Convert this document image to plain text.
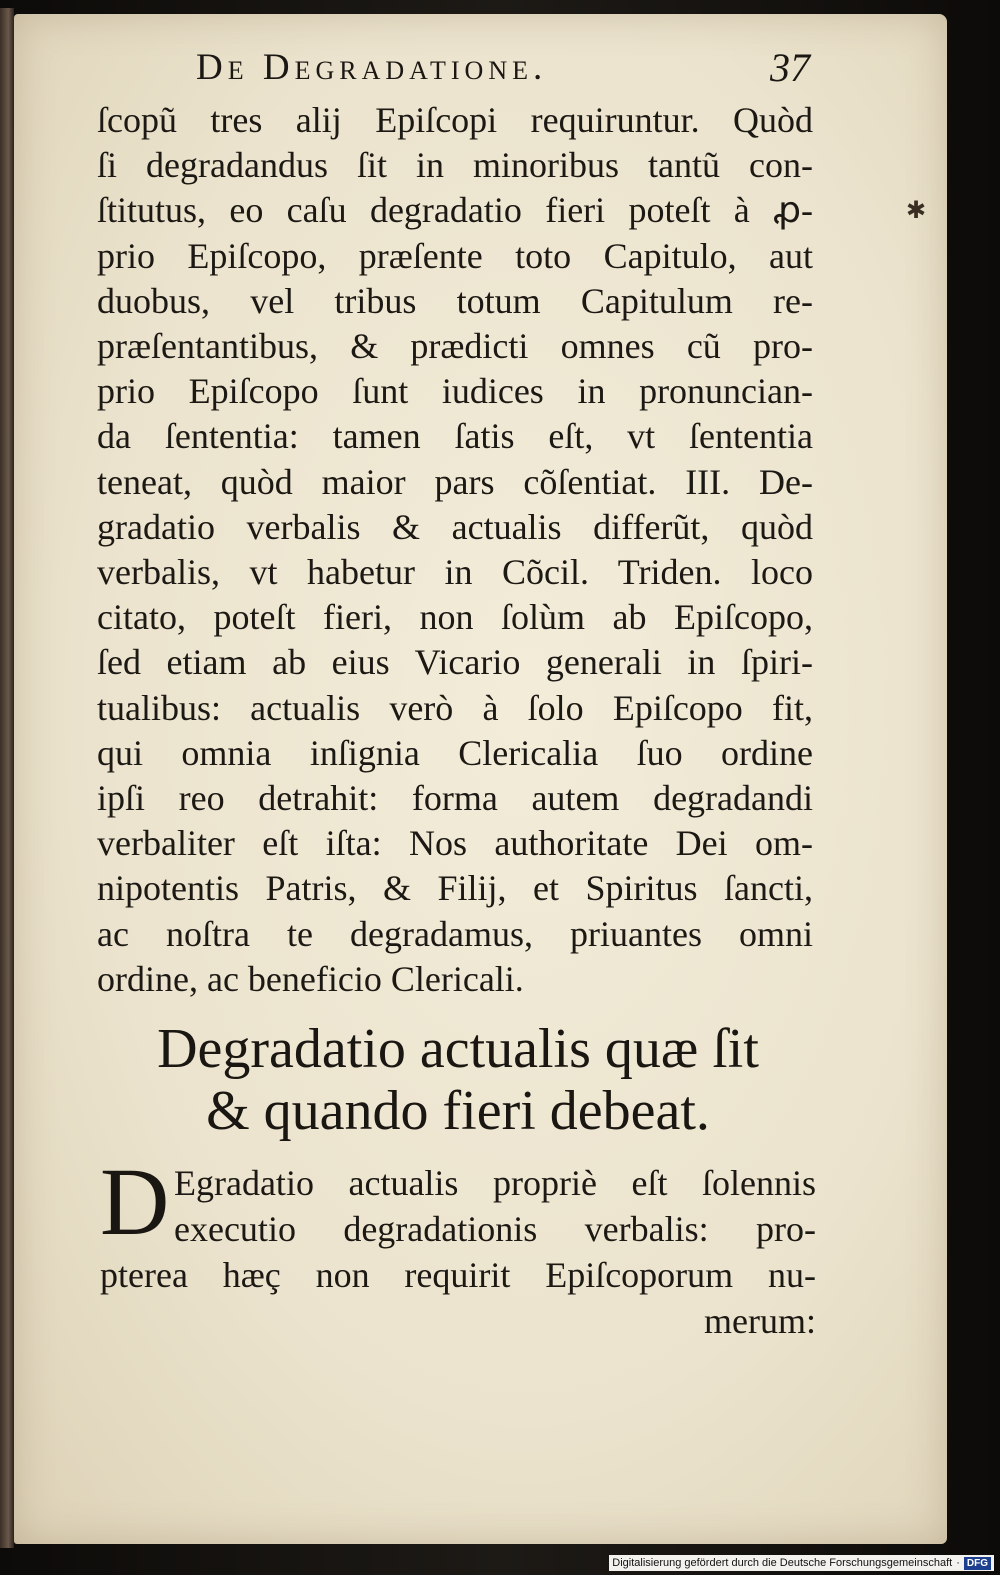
De Degradatione.	37
ſcopũ tres alij Epiſcopi requiruntur. Quòd
ſi degradandus ſit in minoribus tantũ con-
ſtitutus, eo caſu degradatio fieri poteſt à ꝓ-
prio Epiſcopo, præſente toto Capitulo, aut
duobus, vel tribus totum Capitulum re-
præſentantibus, & prædicti omnes cũ pro-
prio Epiſcopo ſunt iudices in pronuncian-
da ſententia: tamen ſatis eſt, vt ſententia
teneat, quòd maior pars cõſentiat. III. De-
gradatio verbalis & actualis differũt, quòd
verbalis, vt habetur in Cõcil. Triden. loco
citato, poteſt fieri, non ſolùm ab Epiſcopo,
ſed etiam ab eius Vicario generali in ſpiri-
tualibus: actualis verò à ſolo Epiſcopo fit,
qui omnia inſignia Clericalia ſuo ordine
ipſi reo detrahit: forma autem degradandi
verbaliter eſt iſta: Nos authoritate Dei om-
nipotentis Patris, & Filij, et Spiritus ſancti,
ac noſtra te degradamus, priuantes omni
ordine, ac beneficio Clericali.
✱
Degradatio actualis quæ ſit
& quando fieri debeat.
D Egradatio actualis propriè eſt ſolennis
executio degradationis verbalis: pro-
pterea hæç non requirit Epiſcoporum nu-
merum:
Digitalisierung gefördert durch die Deutsche Forschungsgemeinschaft · DFG
